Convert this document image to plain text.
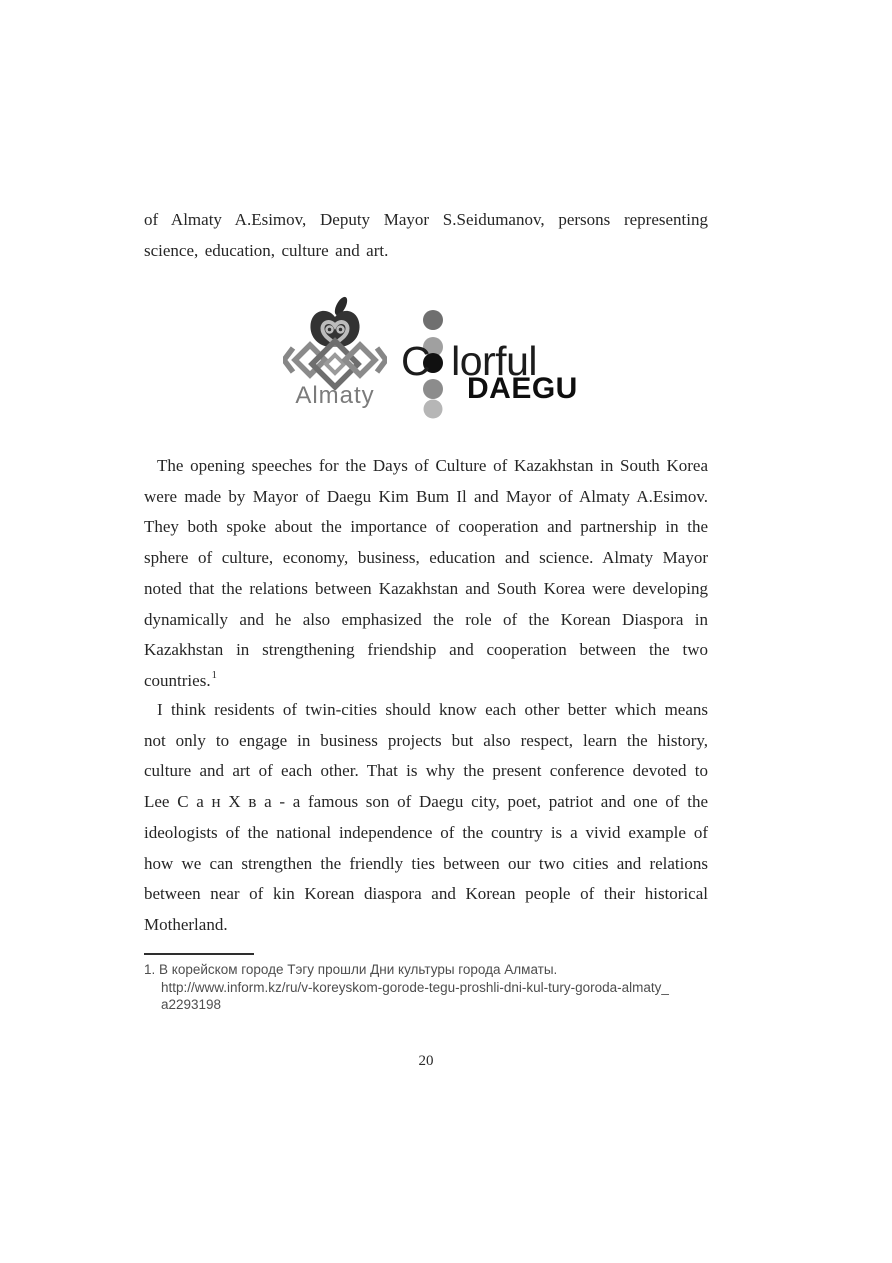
of Almaty A.Esimov, Deputy Mayor S.Seidumanov, persons representing science, education, culture and art.

Almaty
C lorful
DAEGU

The opening speeches for the Days of Culture of Kazakhstan in South Korea were made by Mayor of Daegu Kim Bum Il and Mayor of Almaty A.Esimov. They both spoke about the importance of cooperation and partnership in the sphere of culture, economy, business, education and science. Almaty Mayor noted that the relations between Kazakhstan and South Korea were developing dynamically and he also emphasized the role of the Korean Diaspora in Kazakhstan in strengthening friendship and cooperation between the two countries.$^1$

I think residents of twin-cities should know each other better which means not only to engage in business projects but also respect, learn the history, culture and art of each other. That is why the present conference devoted to Lee С а н Х в а - a famous son of Daegu city, poet, patriot and one of the ideologists of the national independence of the country is a vivid example of how we can strengthen the friendly ties between our two cities and relations between near of kin Korean diaspora and Korean people of their historical Motherland.

1. В корейском городе Тэгу прошли Дни культуры города Алматы.
http://www.inform.kz/ru/v-koreyskom-gorode-tegu-proshli-dni-kul-tury-goroda-almaty_
a2293198
20
